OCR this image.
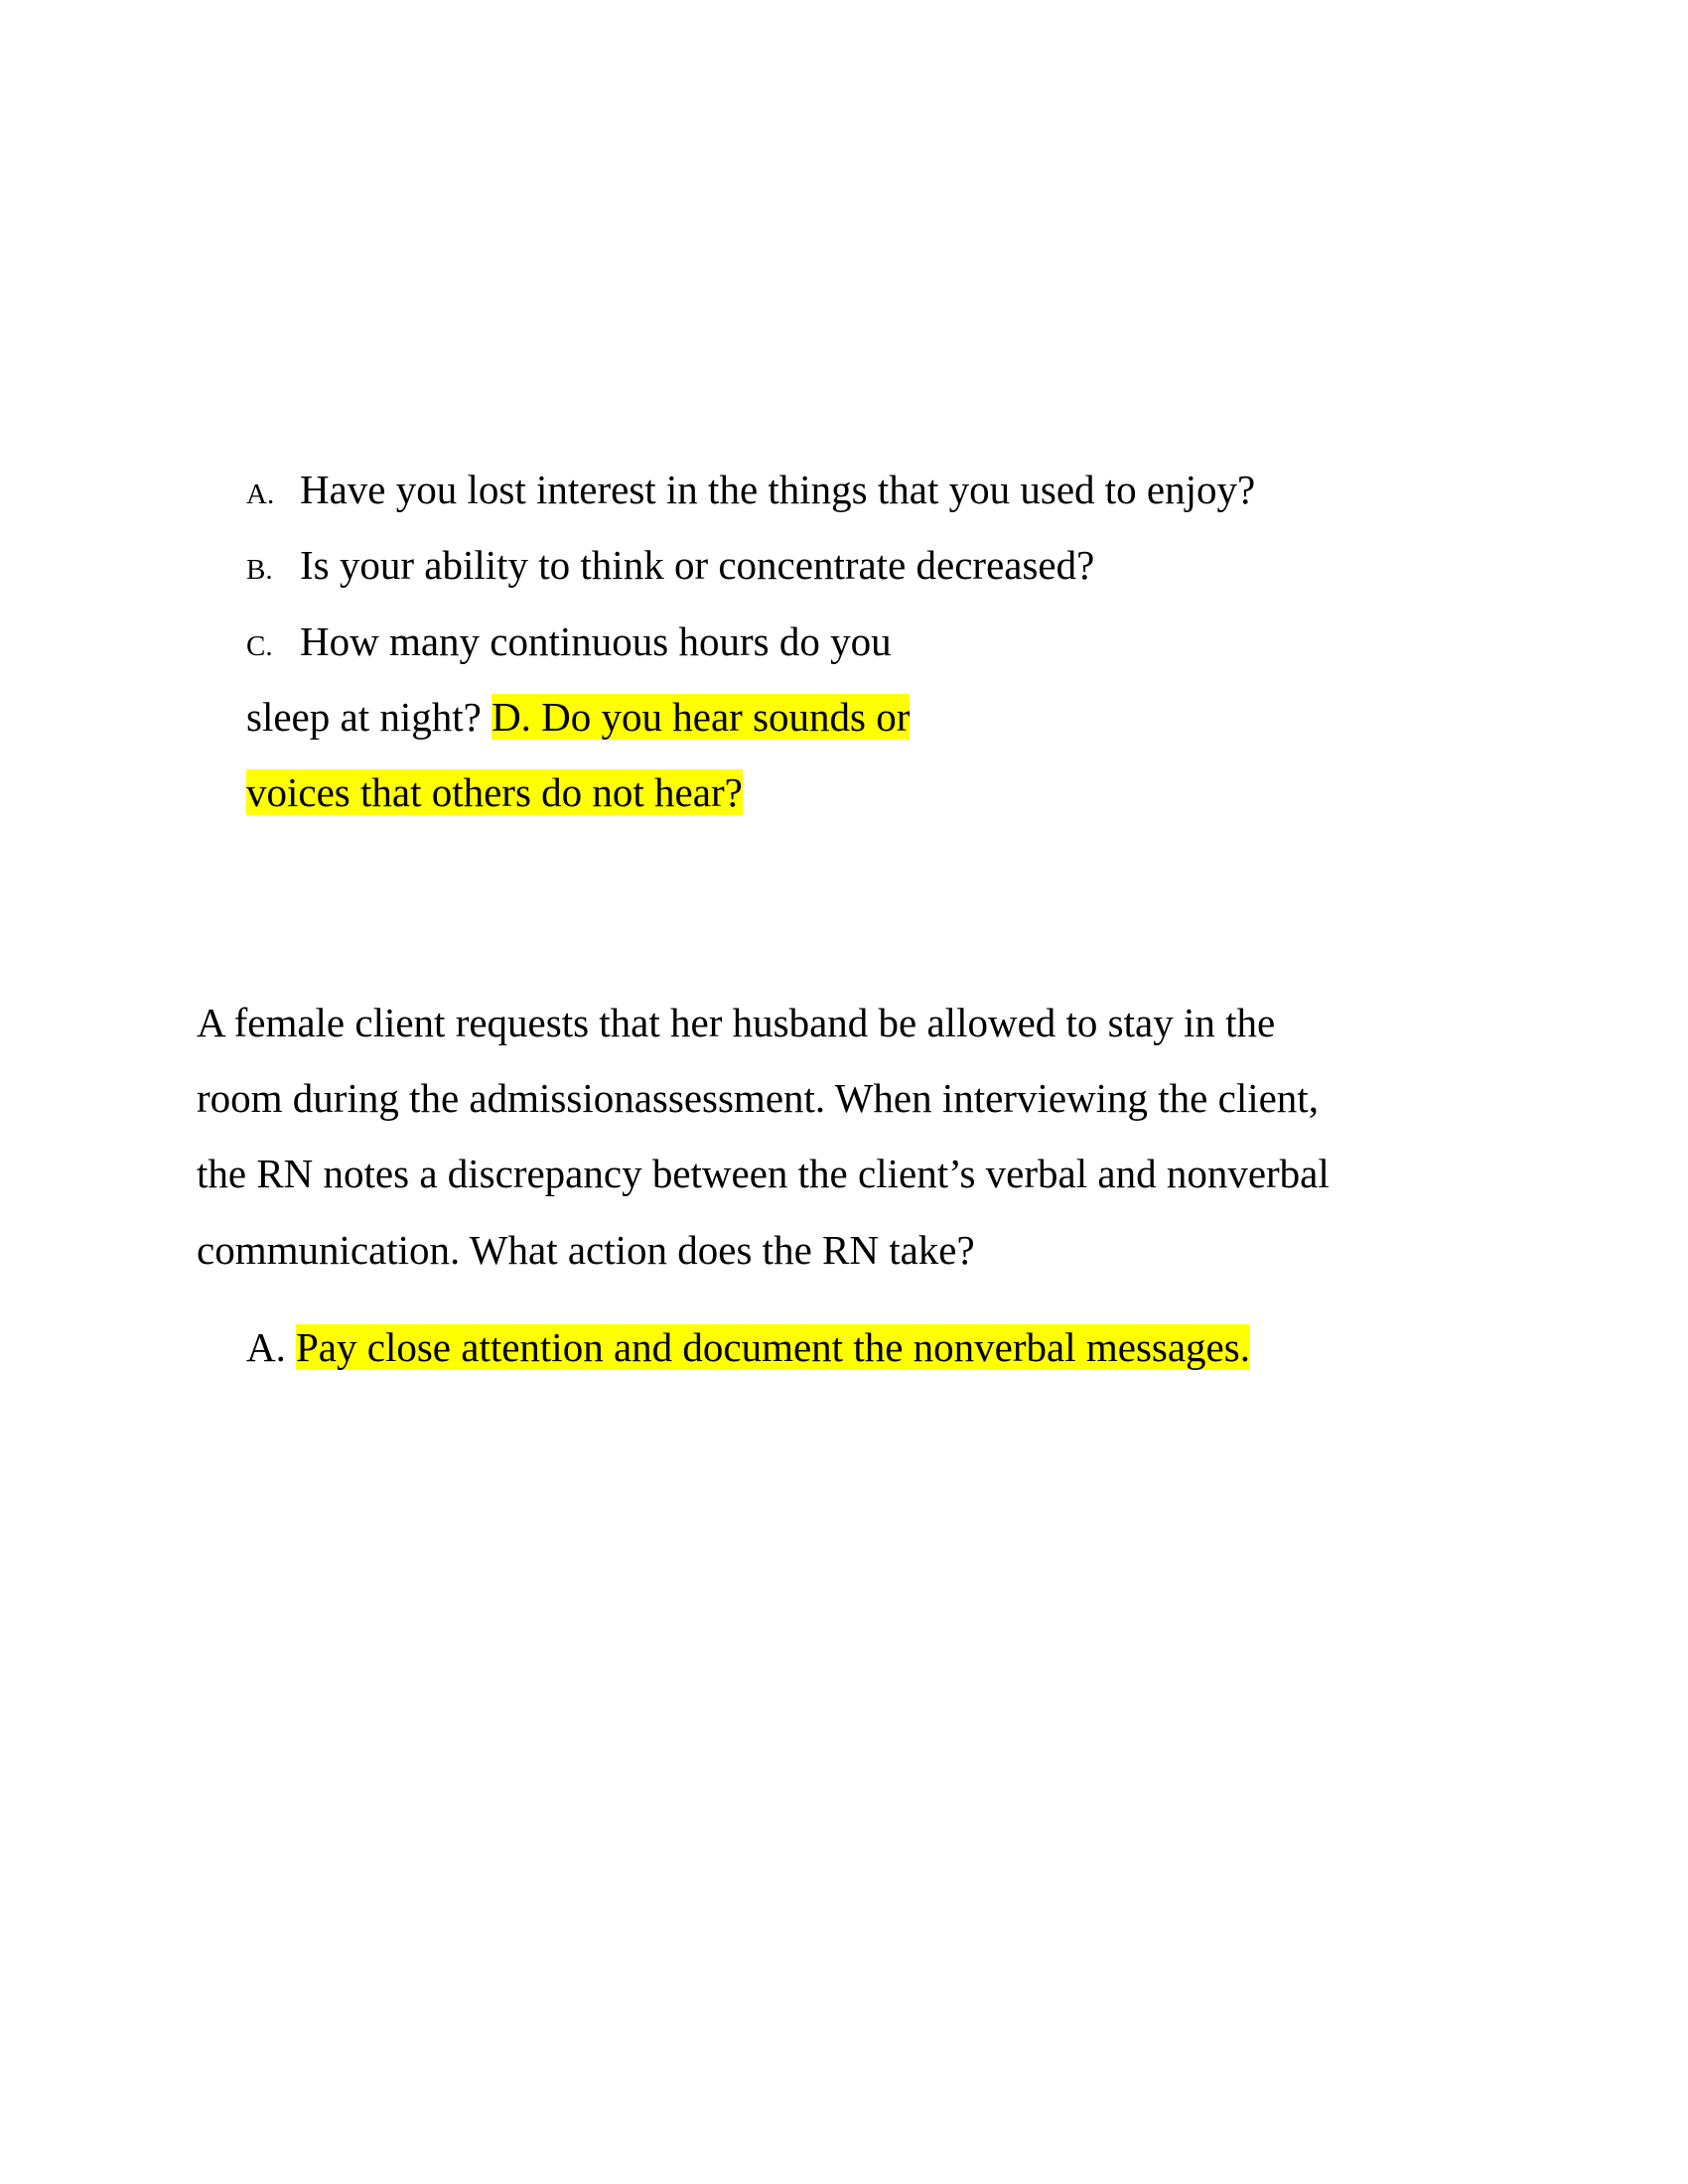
A. Have you lost interest in the things that you used to enjoy?
B. Is your ability to think or concentrate decreased?
C. How many continuous hours do you
sleep at night? D. Do you hear sounds or
voices that others do not hear?
A female client requests that her husband be allowed to stay in the
room during the admissionassessment. When interviewing the client,
the RN notes a discrepancy between the client’s verbal and nonverbal
communication. What action does the RN take?
A. Pay close attention and document the nonverbal messages.
